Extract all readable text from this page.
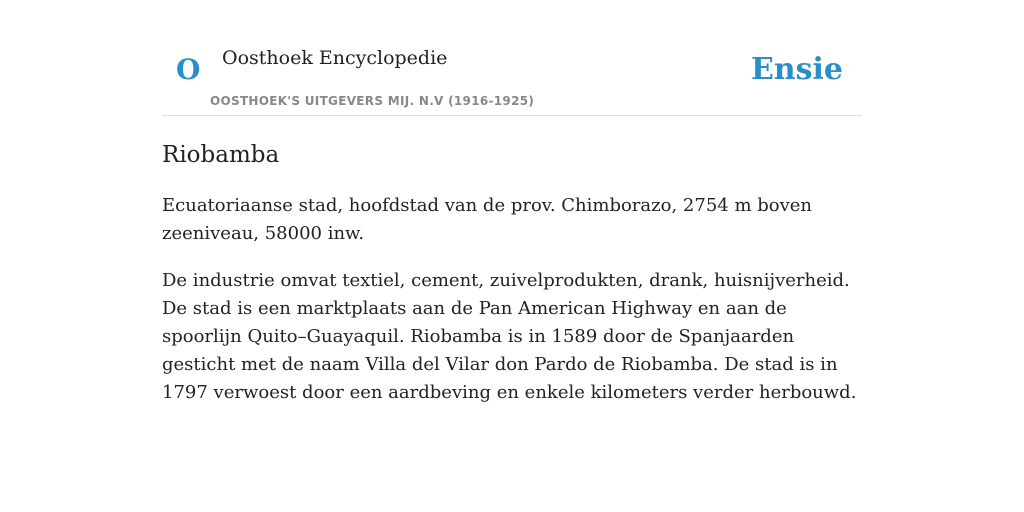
O Oosthoek Encyclopedie
OOSTHOEK'S UITGEVERS MIJ. N.V (1916-1925)
Ensie
Riobamba

Ecuatoriaanse stad, hoofdstad van de prov. Chimborazo, 2754 m boven zeeniveau, 58000 inw.

De industrie omvat textiel, cement, zuivelprodukten, drank, huisnijverheid. De stad is een marktplaats aan de Pan American Highway en aan de spoorlijn Quito–Guayaquil. Riobamba is in 1589 door de Spanjaarden gesticht met de naam Villa del Vilar don Pardo de Riobamba. De stad is in 1797 verwoest door een aardbeving en enkele kilometers verder herbouwd.
